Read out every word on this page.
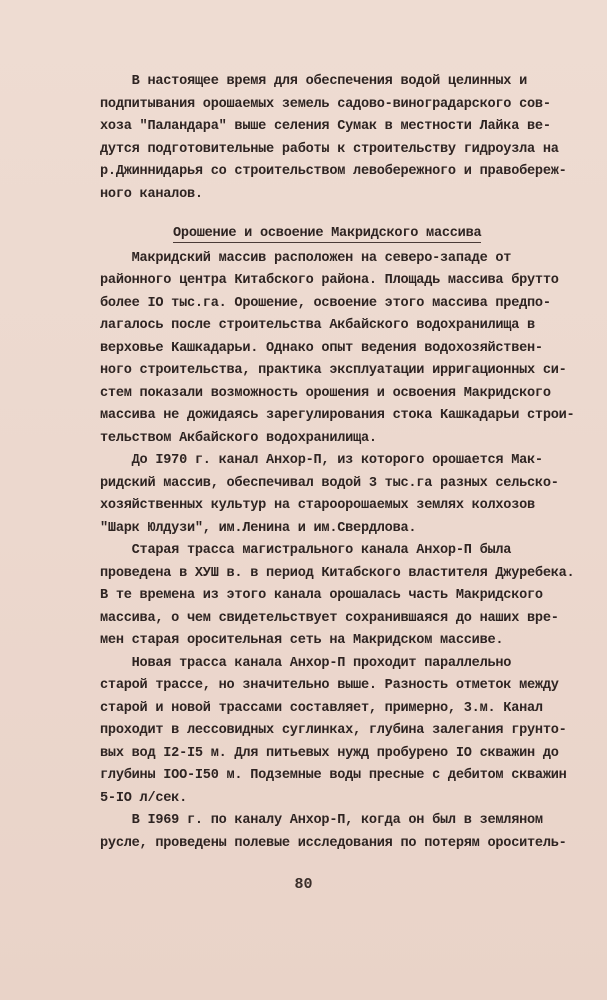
В настоящее время для обеспечения водой целинных и
подпитывания орошаемых земель садово-виноградарского сов-
хоза "Паландара" выше селения Сумак в местности Лайка ве-
дутся подготовительные работы к строительству гидроузла на
р.Джиннидарья со строительством левобережного и правобереж-
ного каналов.
Орошение и освоение Макридского массива
Макридский массив расположен на северо-западе от
районного центра Китабского района. Площадь массива брутто
более IO тыс.га. Орошение, освоение этого массива предпо-
лагалось после строительства Акбайского водохранилища в
верховье Кашкадарьи. Однако опыт ведения водохозяйствен-
ного строительства, практика эксплуатации ирригационных си-
стем показали возможность орошения и освоения Макридского
массива не дожидаясь зарегулирования стока Кашкадарьи строи-
тельством Акбайского водохранилища.
До I970 г. канал Анхор-П, из которого орошается Мак-
ридский массив, обеспечивал водой 3 тыс.га разных сельско-
хозяйственных культур на староорошаемых землях колхозов
"Шарк Юлдузи", им.Ленина и им.Свердлова.
Старая трасса магистрального канала Анхор-П была
проведена в ХУШ в. в период Китабского властителя Джуребека.
В те времена из этого канала орошалась часть Макридского
массива, о чем свидетельствует сохранившаяся до наших вре-
мен старая оросительная сеть на Макридском массиве.
Новая трасса канала Анхор-П проходит параллельно
старой трассе, но значительно выше. Разность отметок между
старой и новой трассами составляет, примерно, 3.м. Канал
проходит в лессовидных суглинках, глубина залегания грунто-
вых вод I2-I5 м. Для питьевых нужд пробурено IO скважин до
глубины IOO-I50 м. Подземные воды пресные с дебитом скважин
5-IO л/сек.
В I969 г. по каналу Анхор-П, когда он был в земляном
русле, проведены полевые исследования по потерям ороситель-
80
